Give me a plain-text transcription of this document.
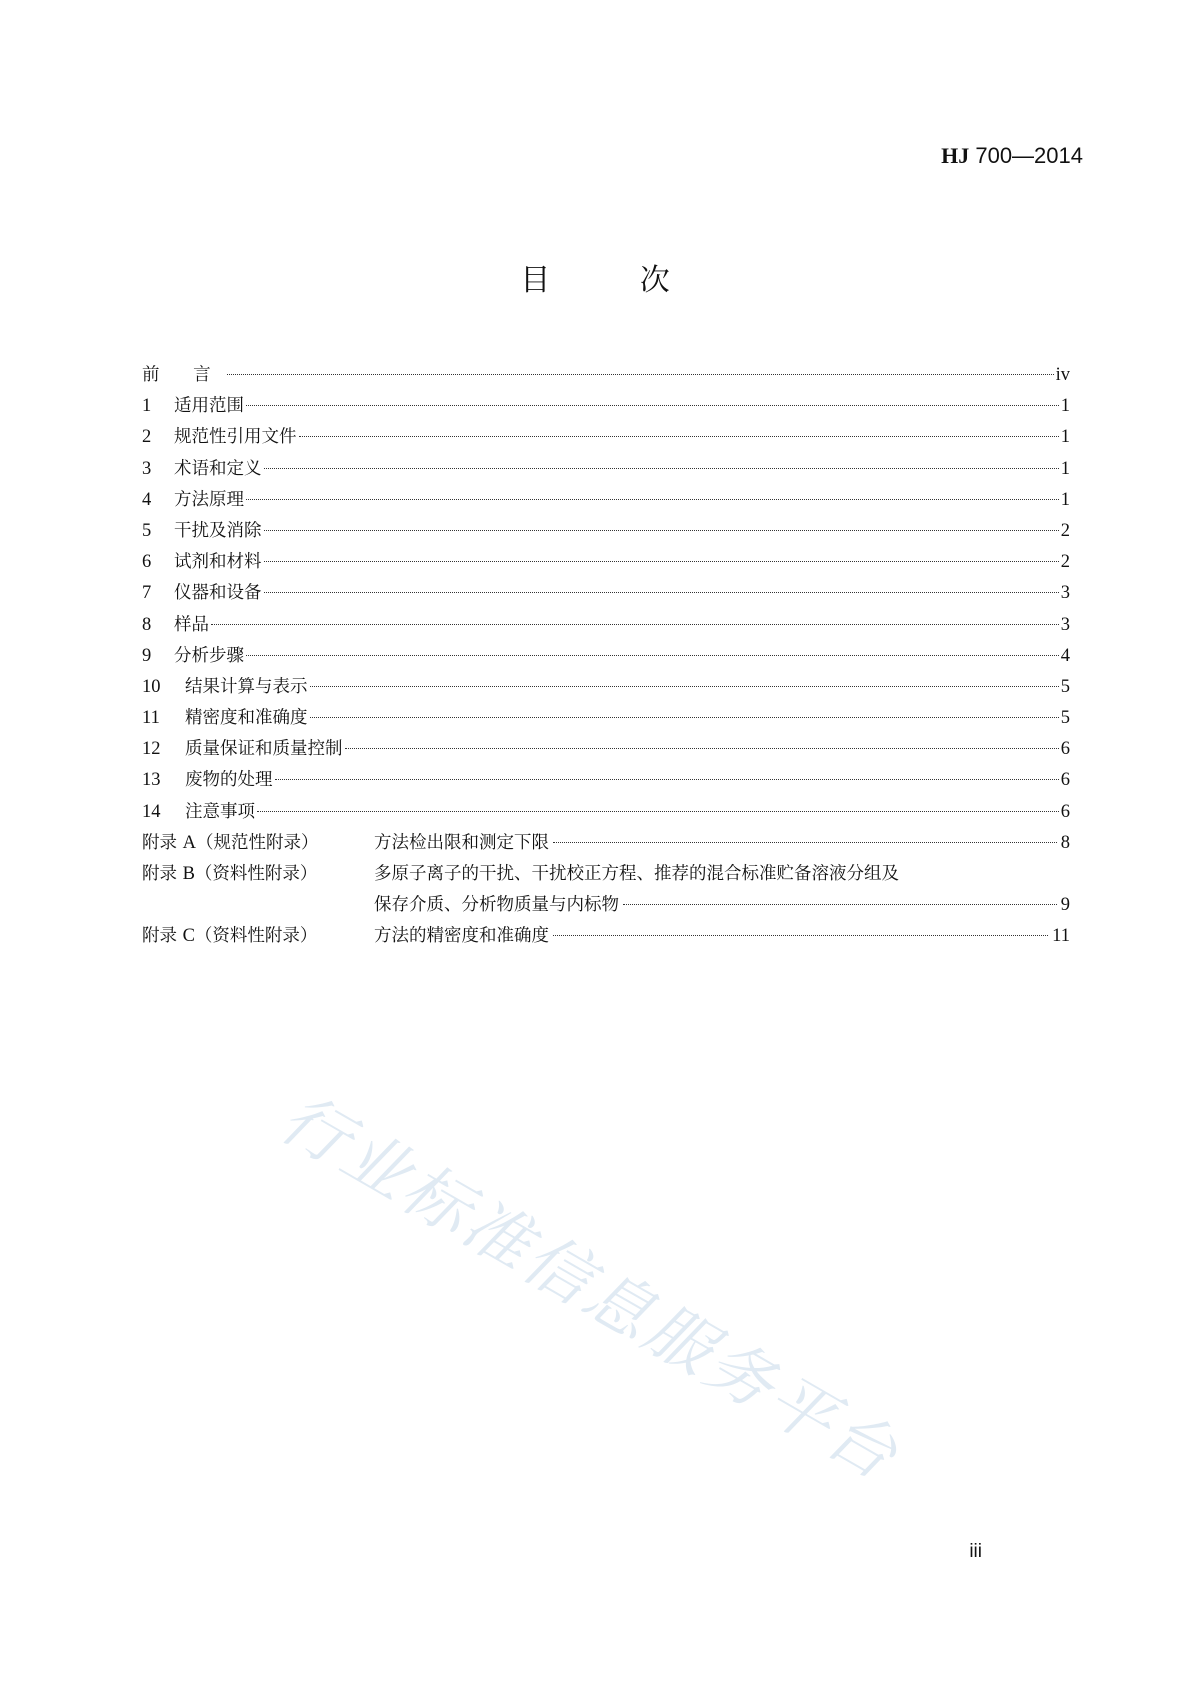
HJ 700—2014
目 次
前 言	iv
1	适用范围	1
2	规范性引用文件	1
3	术语和定义	1
4	方法原理	1
5	干扰及消除	2
6	试剂和材料	2
7	仪器和设备	3
8	样品	3
9	分析步骤	4
10	结果计算与表示	5
11	精密度和准确度	5
12	质量保证和质量控制	6
13	废物的处理	6
14	注意事项	6
附录 A（规范性附录）	方法检出限和测定下限	8
附录 B（资料性附录）	多原子离子的干扰、干扰校正方程、推荐的混合标准贮备溶液分组及
保存介质、分析物质量与内标物	9
附录 C（资料性附录）	方法的精密度和准确度	11
行业标准信息服务平台
iii
